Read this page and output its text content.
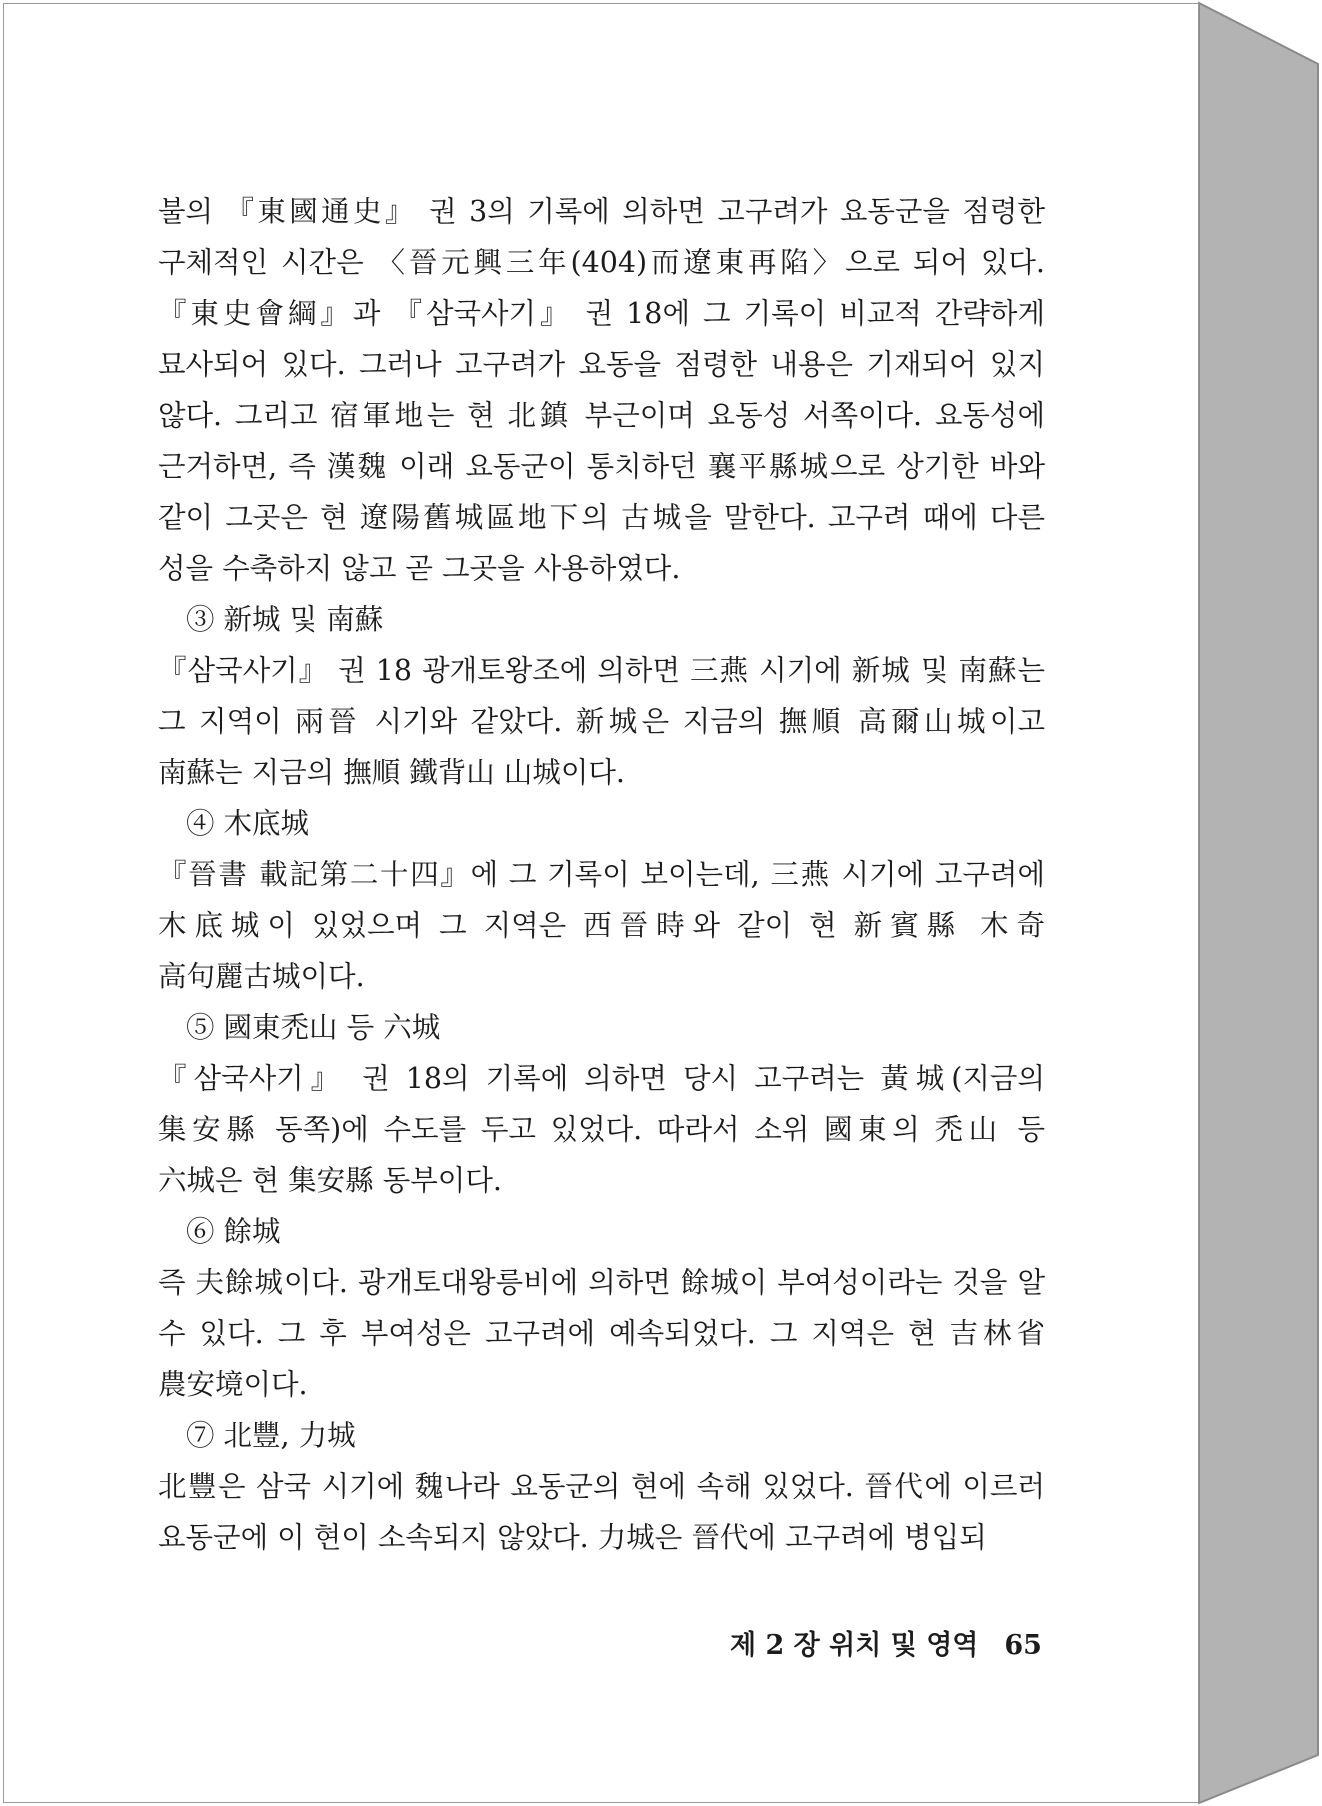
불의 『東國通史』 권 3의 기록에 의하면 고구려가 요동군을 점령한 구체적인 시간은 〈晉元興三年(404)而遼東再陷〉으로 되어 있다. 『東史會綱』과 『삼국사기』 권 18에 그 기록이 비교적 간략하게 묘사되어 있다. 그러나 고구려가 요동을 점령한 내용은 기재되어 있지 않다. 그리고 宿軍地는 현 北鎮 부근이며 요동성 서쪽이다. 요동성에 근거하면, 즉 漢魏 이래 요동군이 통치하던 襄平縣城으로 상기한 바와 같이 그곳은 현 遼陽舊城區地下의 古城을 말한다. 고구려 때에 다른 성을 수축하지 않고 곧 그곳을 사용하였다.

③ 新城 및 南蘇

『삼국사기』 권 18 광개토왕조에 의하면 三燕 시기에 新城 및 南蘇는 그 지역이 兩晉 시기와 같았다. 新城은 지금의 撫順 高爾山城이고 南蘇는 지금의 撫順 鐵背山 山城이다.

④ 木底城

『晉書 載記第二十四』에 그 기록이 보이는데, 三燕 시기에 고구려에 木底城이 있었으며 그 지역은 西晉時와 같이 현 新賓縣 木奇 高句麗古城이다.

⑤ 國東禿山 등 六城

『삼국사기』 권 18의 기록에 의하면 당시 고구려는 黃城(지금의 集安縣 동쪽)에 수도를 두고 있었다. 따라서 소위 國東의 禿山 등 六城은 현 集安縣 동부이다.

⑥ 餘城

즉 夫餘城이다. 광개토대왕릉비에 의하면 餘城이 부여성이라는 것을 알 수 있다. 그 후 부여성은 고구려에 예속되었다. 그 지역은 현 吉林省 農安境이다.

⑦ 北豐, 力城

北豐은 삼국 시기에 魏나라 요동군의 현에 속해 있었다. 晉代에 이르러 요동군에 이 현이 소속되지 않았다. 力城은 晉代에 고구려에 병입되

제 2 장 위치 및 영역 65
